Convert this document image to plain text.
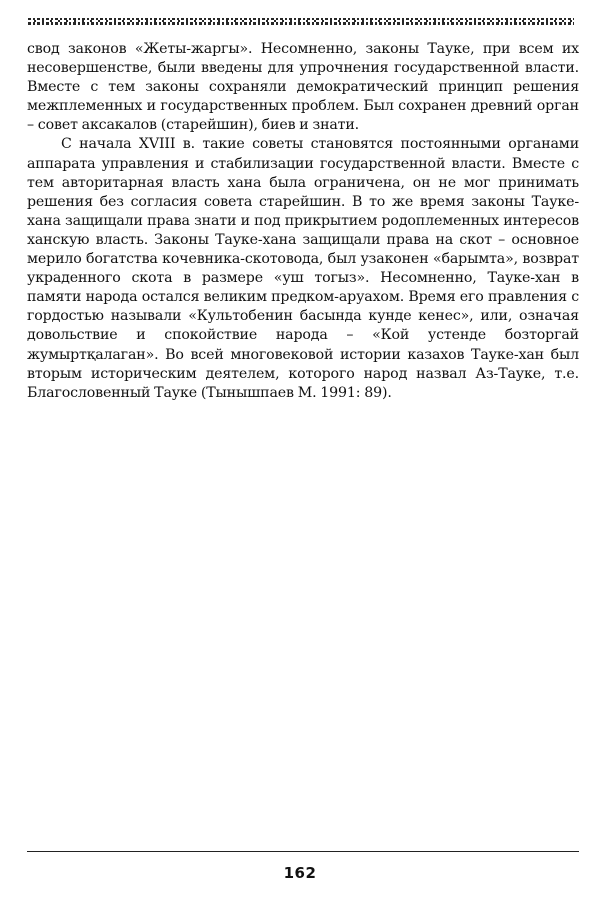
свод законов «Жеты-жаргы». Несомненно, законы Тауке, при всем их несовершенстве, были введены для упрочнения государственной власти. Вместе с тем законы сохраняли демократический принцип решения межплеменных и государственных проблем. Был сохранен древний орган – совет аксакалов (старейшин), биев и знати.

С начала XVIII в. такие советы становятся постоянными органами аппарата управления и стабилизации государственной власти. Вместе с тем авторитарная власть хана была ограничена, он не мог принимать решения без согласия совета старейшин. В то же время законы Тауке-хана защищали права знати и под прикрытием родоплеменных интересов ханскую власть. Законы Тауке-хана защищали права на скот – основное мерило богатства кочевника-скотовода, был узаконен «барымта», возврат украденного скота в размере «уш тогыз». Несомненно, Тауке-хан в памяти народа остался великим предком-аруахом. Время его правления с гордостью называли «Культобенин басында кунде кенес», или, означая довольствие и спокойствие народа – «Кой устенде бозторгай жумыртқалаган». Во всей многовековой истории казахов Тауке-хан был вторым историческим деятелем, которого народ назвал Аз-Тауке, т.е. Благословенный Тауке (Тынышпаев М. 1991: 89).

162
